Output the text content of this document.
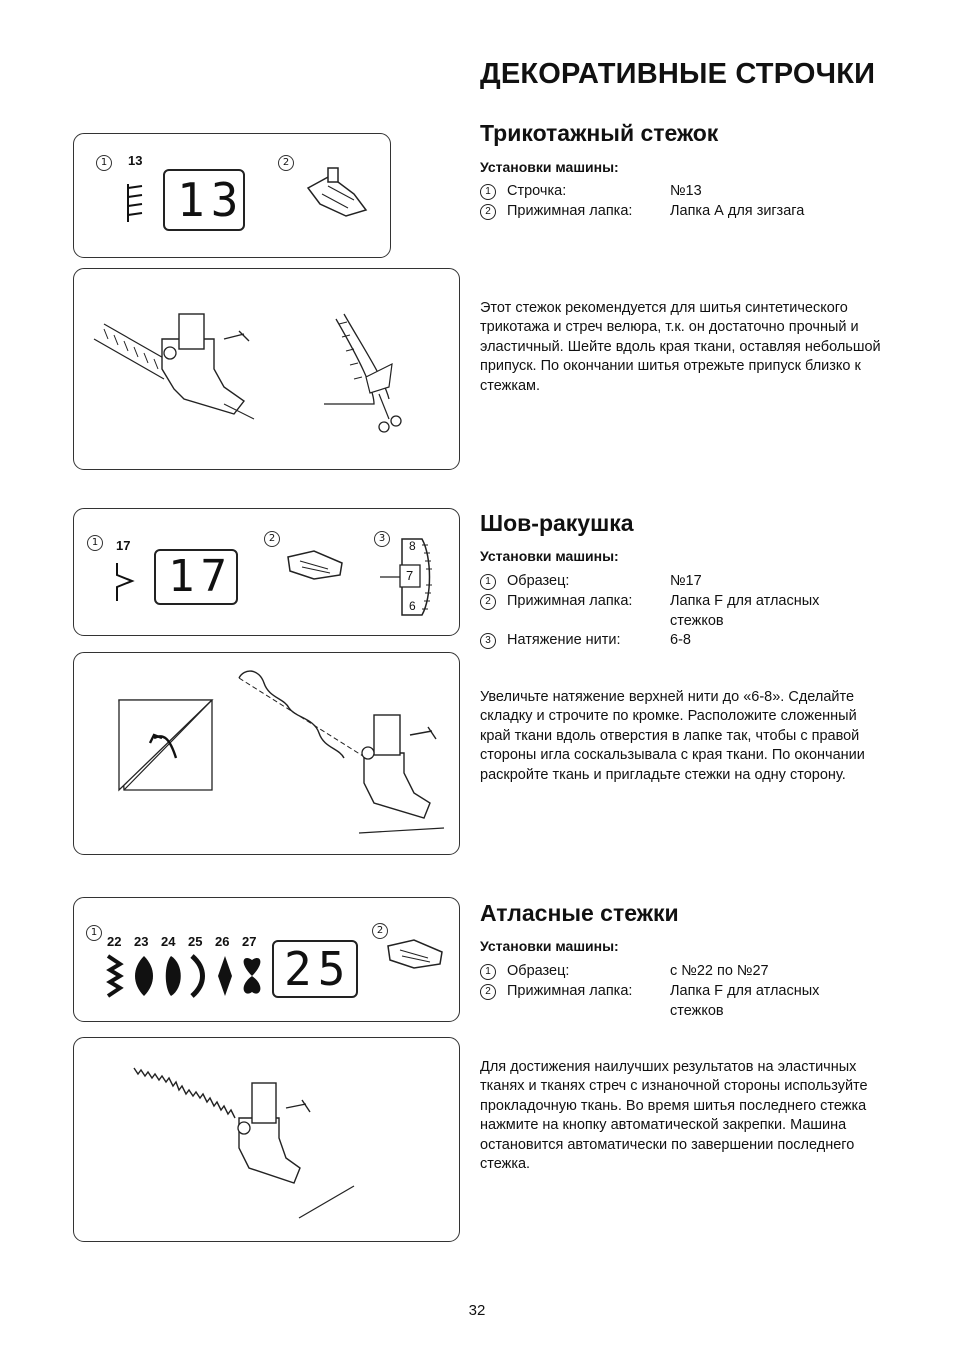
ДЕКОРАТИВНЫЕ СТРОЧКИ
Трикотажный стежок
Установки машины:
1	Строчка:	№13
2	Прижимная лапка:	Лапка А для зигзага
Этот стежок рекомендуется для шитья синтетического трикотажа и стреч велюра, т.к. он достаточно прочный и эластичный. Шейте вдоль края ткани, оставляя небольшой припуск. По окончании шитья отрежьте припуск близко к стежкам.
1	13
13
2
Шов-ракушка
Установки машины:
1	Образец:	№17
2	Прижимная лапка:	Лапка F для атласных стежков
3	Натяжение нити:	6-8
Увеличьте натяжение верхней нити до «6-8». Сделайте складку и строчите по кромке. Расположите сложенный край ткани вдоль отверстия в лапке так, чтобы с правой стороны игла соскальзывала с края ткани. По окончании раскройте ткань и пригладьте стежки на одну сторону.
1	17
17
2	3
8
7
6
Атласные стежки
Установки машины:
1	Образец:	с №22 по №27
2	Прижимная лапка:	Лапка F для атласных стежков
Для достижения наилучших результатов на эластичных тканях и тканях стреч с изнаночной стороны используйте прокладочную ткань. Во время шитья последнего стежка нажмите на кнопку автоматической закрепки. Машина остановится автоматически по завершении последнего стежка.
1
22 23 24 25 26 27
25
2
32
